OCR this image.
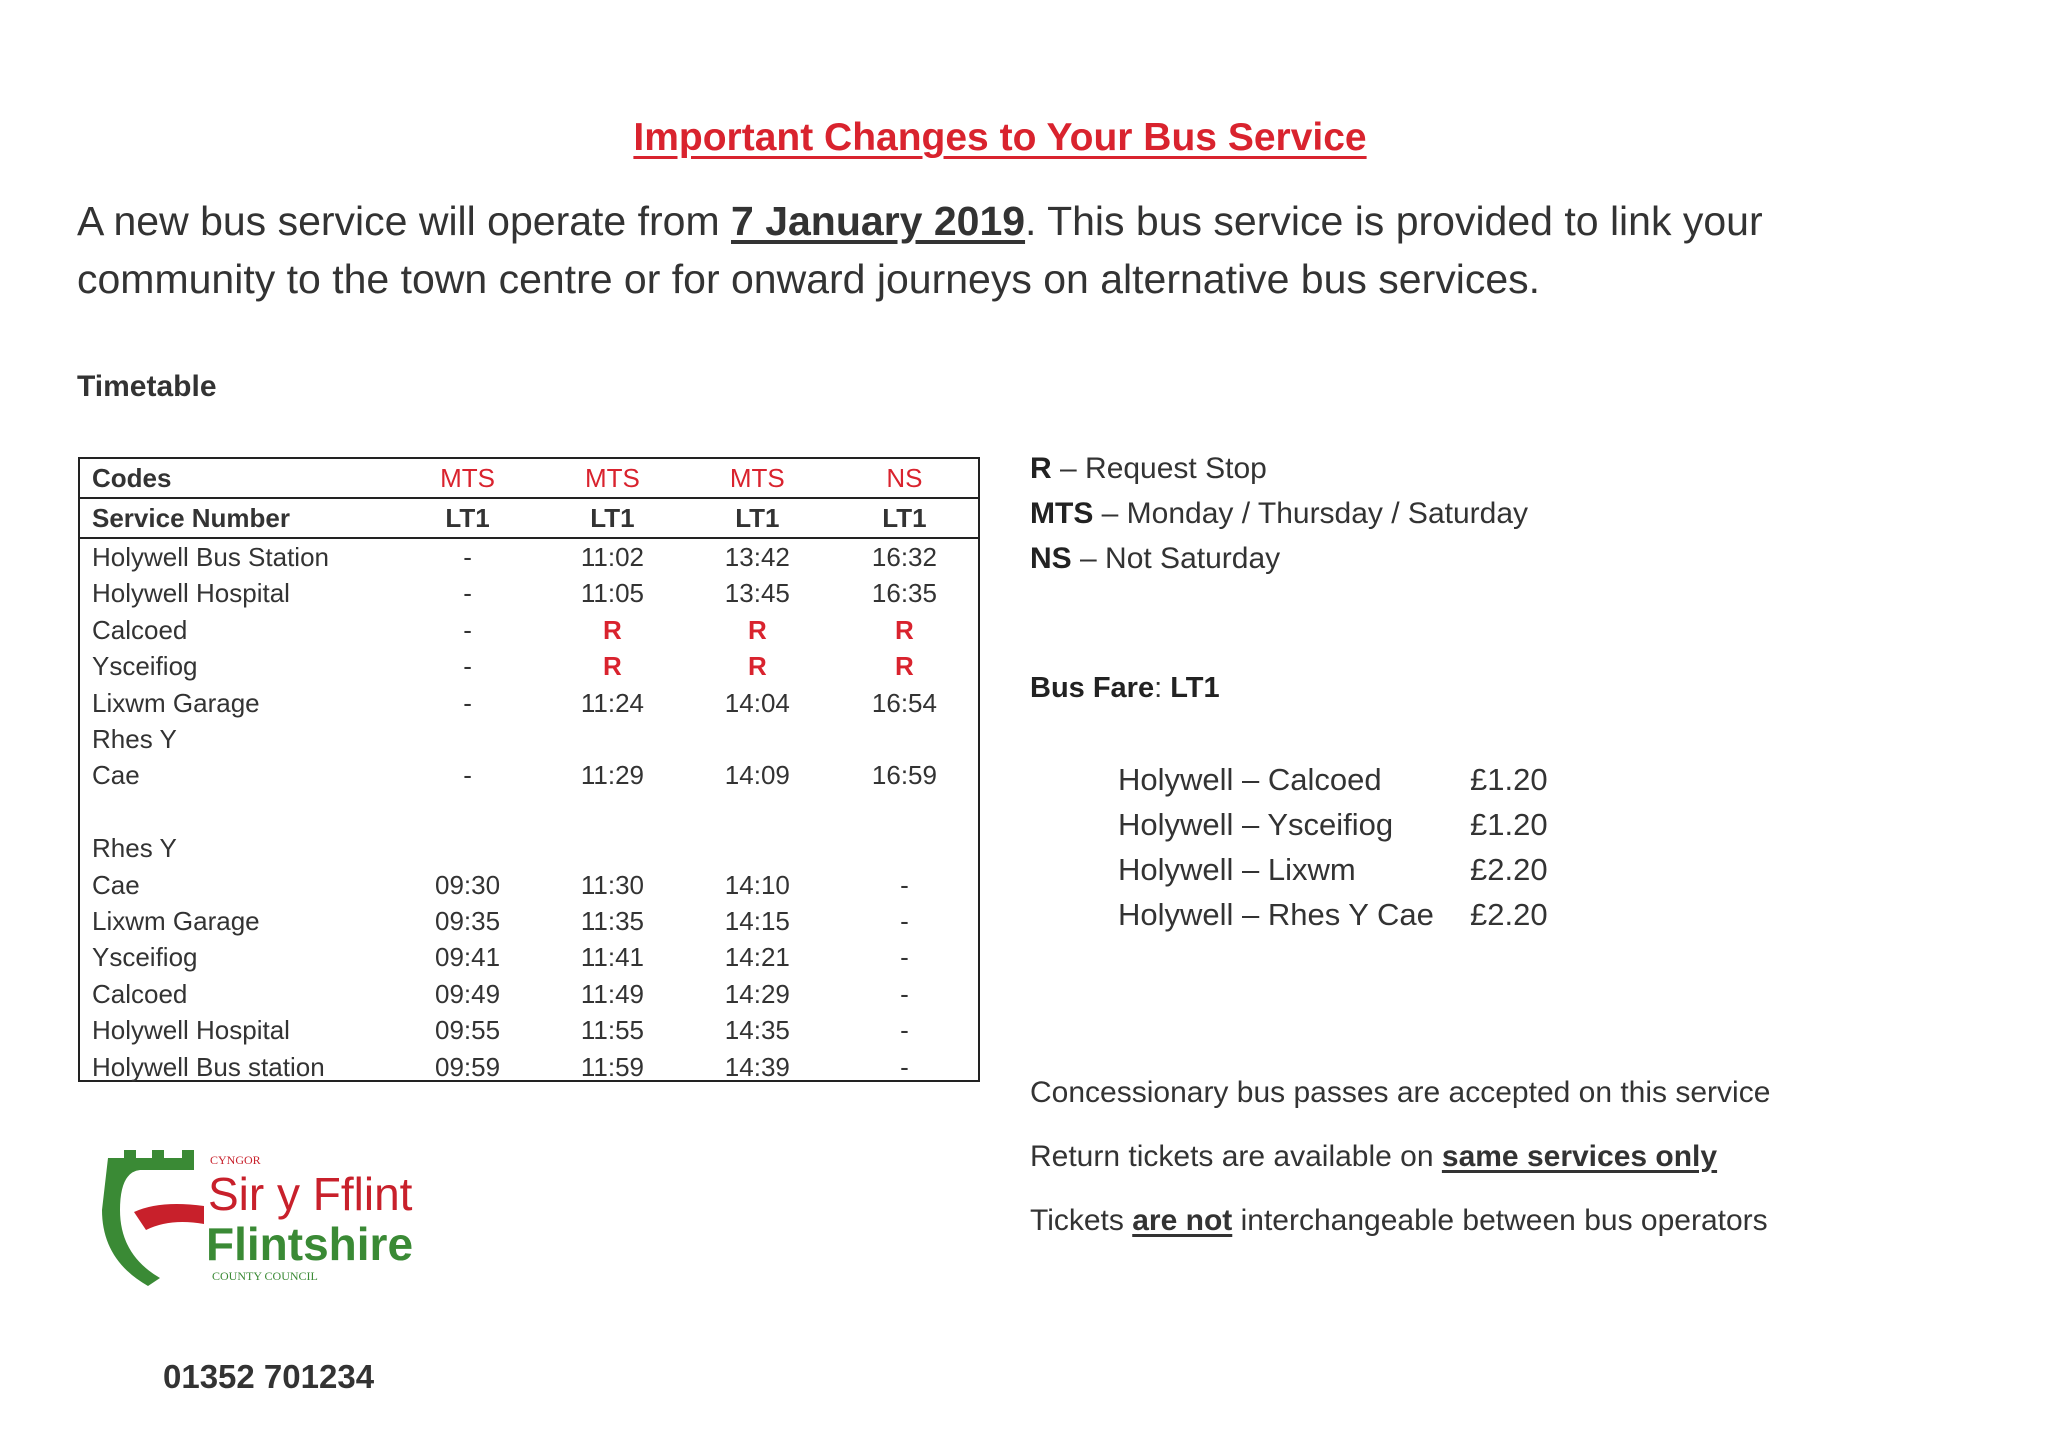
Important Changes to Your Bus Service
A new bus service will operate from 7 January 2019. This bus service is provided to link your community to the town centre or for onward journeys on alternative bus services.
Timetable
Codes	MTS	MTS	MTS	NS
Service Number	LT1	LT1	LT1	LT1
Holywell Bus Station	-	11:02	13:42	16:32
Holywell Hospital	-	11:05	13:45	16:35
Calcoed	-	R	R	R
Ysceifiog	-	R	R	R
Lixwm Garage	-	11:24	14:04	16:54
Rhes Y				
Cae	-	11:29	14:09	16:59

Rhes Y				
Cae	09:30	11:30	14:10	-
Lixwm Garage	09:35	11:35	14:15	-
Ysceifiog	09:41	11:41	14:21	-
Calcoed	09:49	11:49	14:29	-
Holywell Hospital	09:55	11:55	14:35	-
Holywell Bus station	09:59	11:59	14:39	-
R – Request Stop
MTS – Monday / Thursday / Saturday
NS – Not Saturday
Bus Fare: LT1
Holywell – Calcoed	£1.20
Holywell – Ysceifiog £1.20
Holywell – Lixwm	£2.20
Holywell – Rhes Y Cae £2.20
Concessionary bus passes are accepted on this service
Return tickets are available on same services only
Tickets are not interchangeable between bus operators
CYNGOR
Sir y Fflint
Flintshire
COUNTY COUNCIL
01352 701234
